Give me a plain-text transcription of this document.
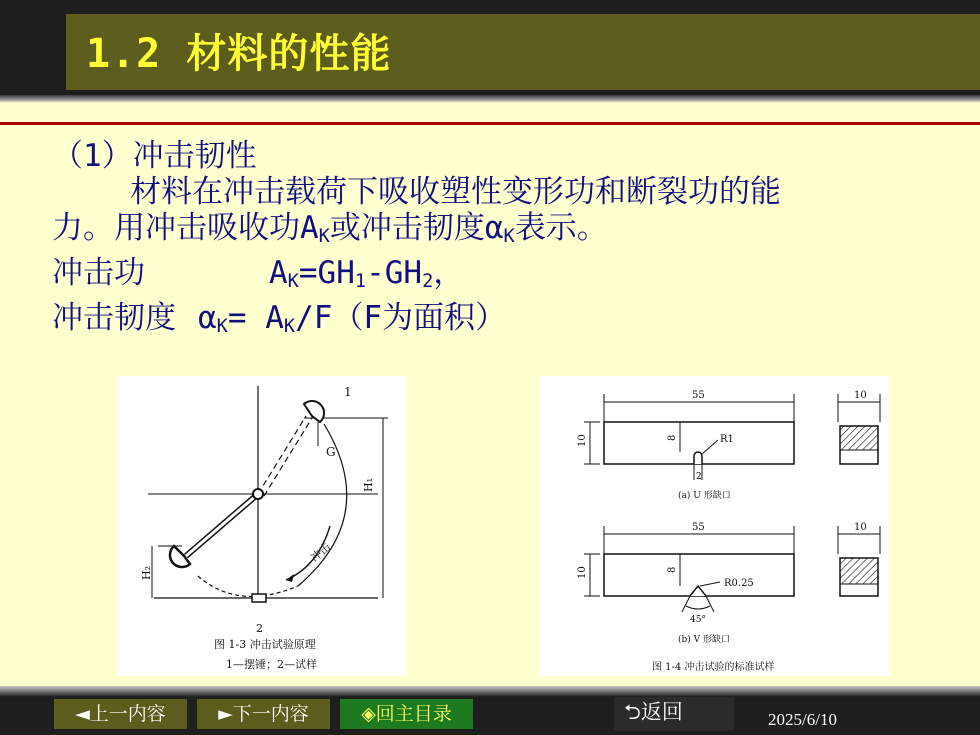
1.2 材料的性能

（1）冲击韧性

材料在冲击载荷下吸收塑性变形功和断裂功的能

力。用冲击吸收功$A_K$或冲击韧度$\alpha_K$表示。

冲击功	$A_K=GH_1-GH_2$，

冲击韧度 $\alpha_K= A_K/F(F$为面积）

1
G
H₁
H₂
冲击
2
图 1-3 冲击试验原理
1—摆锤；2—试样
55
10	8	R1
2
(a) U 形缺口
10
55
10	8
R0.25
45°
(b) V 形缺口
10
图 1-4 冲击试验的标准试样
◄上一内容	►下一内容	◈回主目录	⮌返回	2025/6/10
